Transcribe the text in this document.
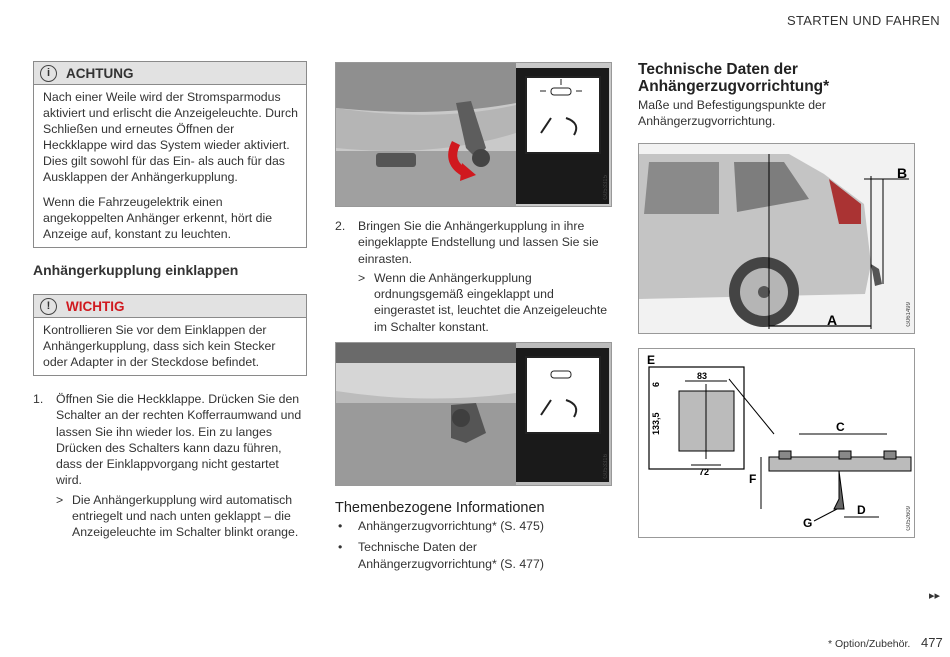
STARTEN UND FAHREN
i	ACHTUNG

Nach einer Weile wird der Stromsparmodus aktiviert und erlischt die Anzeigeleuchte. Durch Schließen und erneutes Öffnen der Heckklappe wird das System wieder aktiviert. Dies gilt sowohl für das Ein- als auch für das Ausklappen der Anhängerkupplung.

Wenn die Fahrzeugelektrik einen angekoppelten Anhänger erkennt, hört die Anzeige auf, konstant zu leuchten.

Anhängerkupplung einklappen
!	WICHTIG

Kontrollieren Sie vor dem Einklappen der Anhängerkupplung, dass sich kein Stecker oder Adapter in der Steckdose befindet.

1. Öffnen Sie die Heckklappe. Drücken Sie den Schalter an der rechten Kofferraumwand und lassen Sie ihn wieder los. Ein zu langes Drücken des Schalters kann dazu führen, dass der Einklappvorgang nicht gestartet wird.
> Die Anhängerkupplung wird automatisch entriegelt und nach unten geklappt – die Anzeigeleuchte im Schalter blinkt orange.
G053315
2. Bringen Sie die Anhängerkupplung in ihre eingeklappte Endstellung und lassen Sie sie einrasten.
> Wenn die Anhängerkupplung ordnungsgemäß eingeklappt und eingerastet ist, leuchtet die Anzeigeleuchte im Schalter konstant.
G053316
Themenbezogene Informationen
• Anhängerzugvorrichtung* (S. 475)
• Technische Daten der Anhängerzugvorrichtung* (S. 477)
Technische Daten der Anhängerzugvorrichtung*
Maße und Befestigungspunkte der Anhängerzugvorrichtung.
A
B
G061499
E
83
6
133,5
72
C
F
D
G	G052609
▸▸
* Option/Zubehör. 477
